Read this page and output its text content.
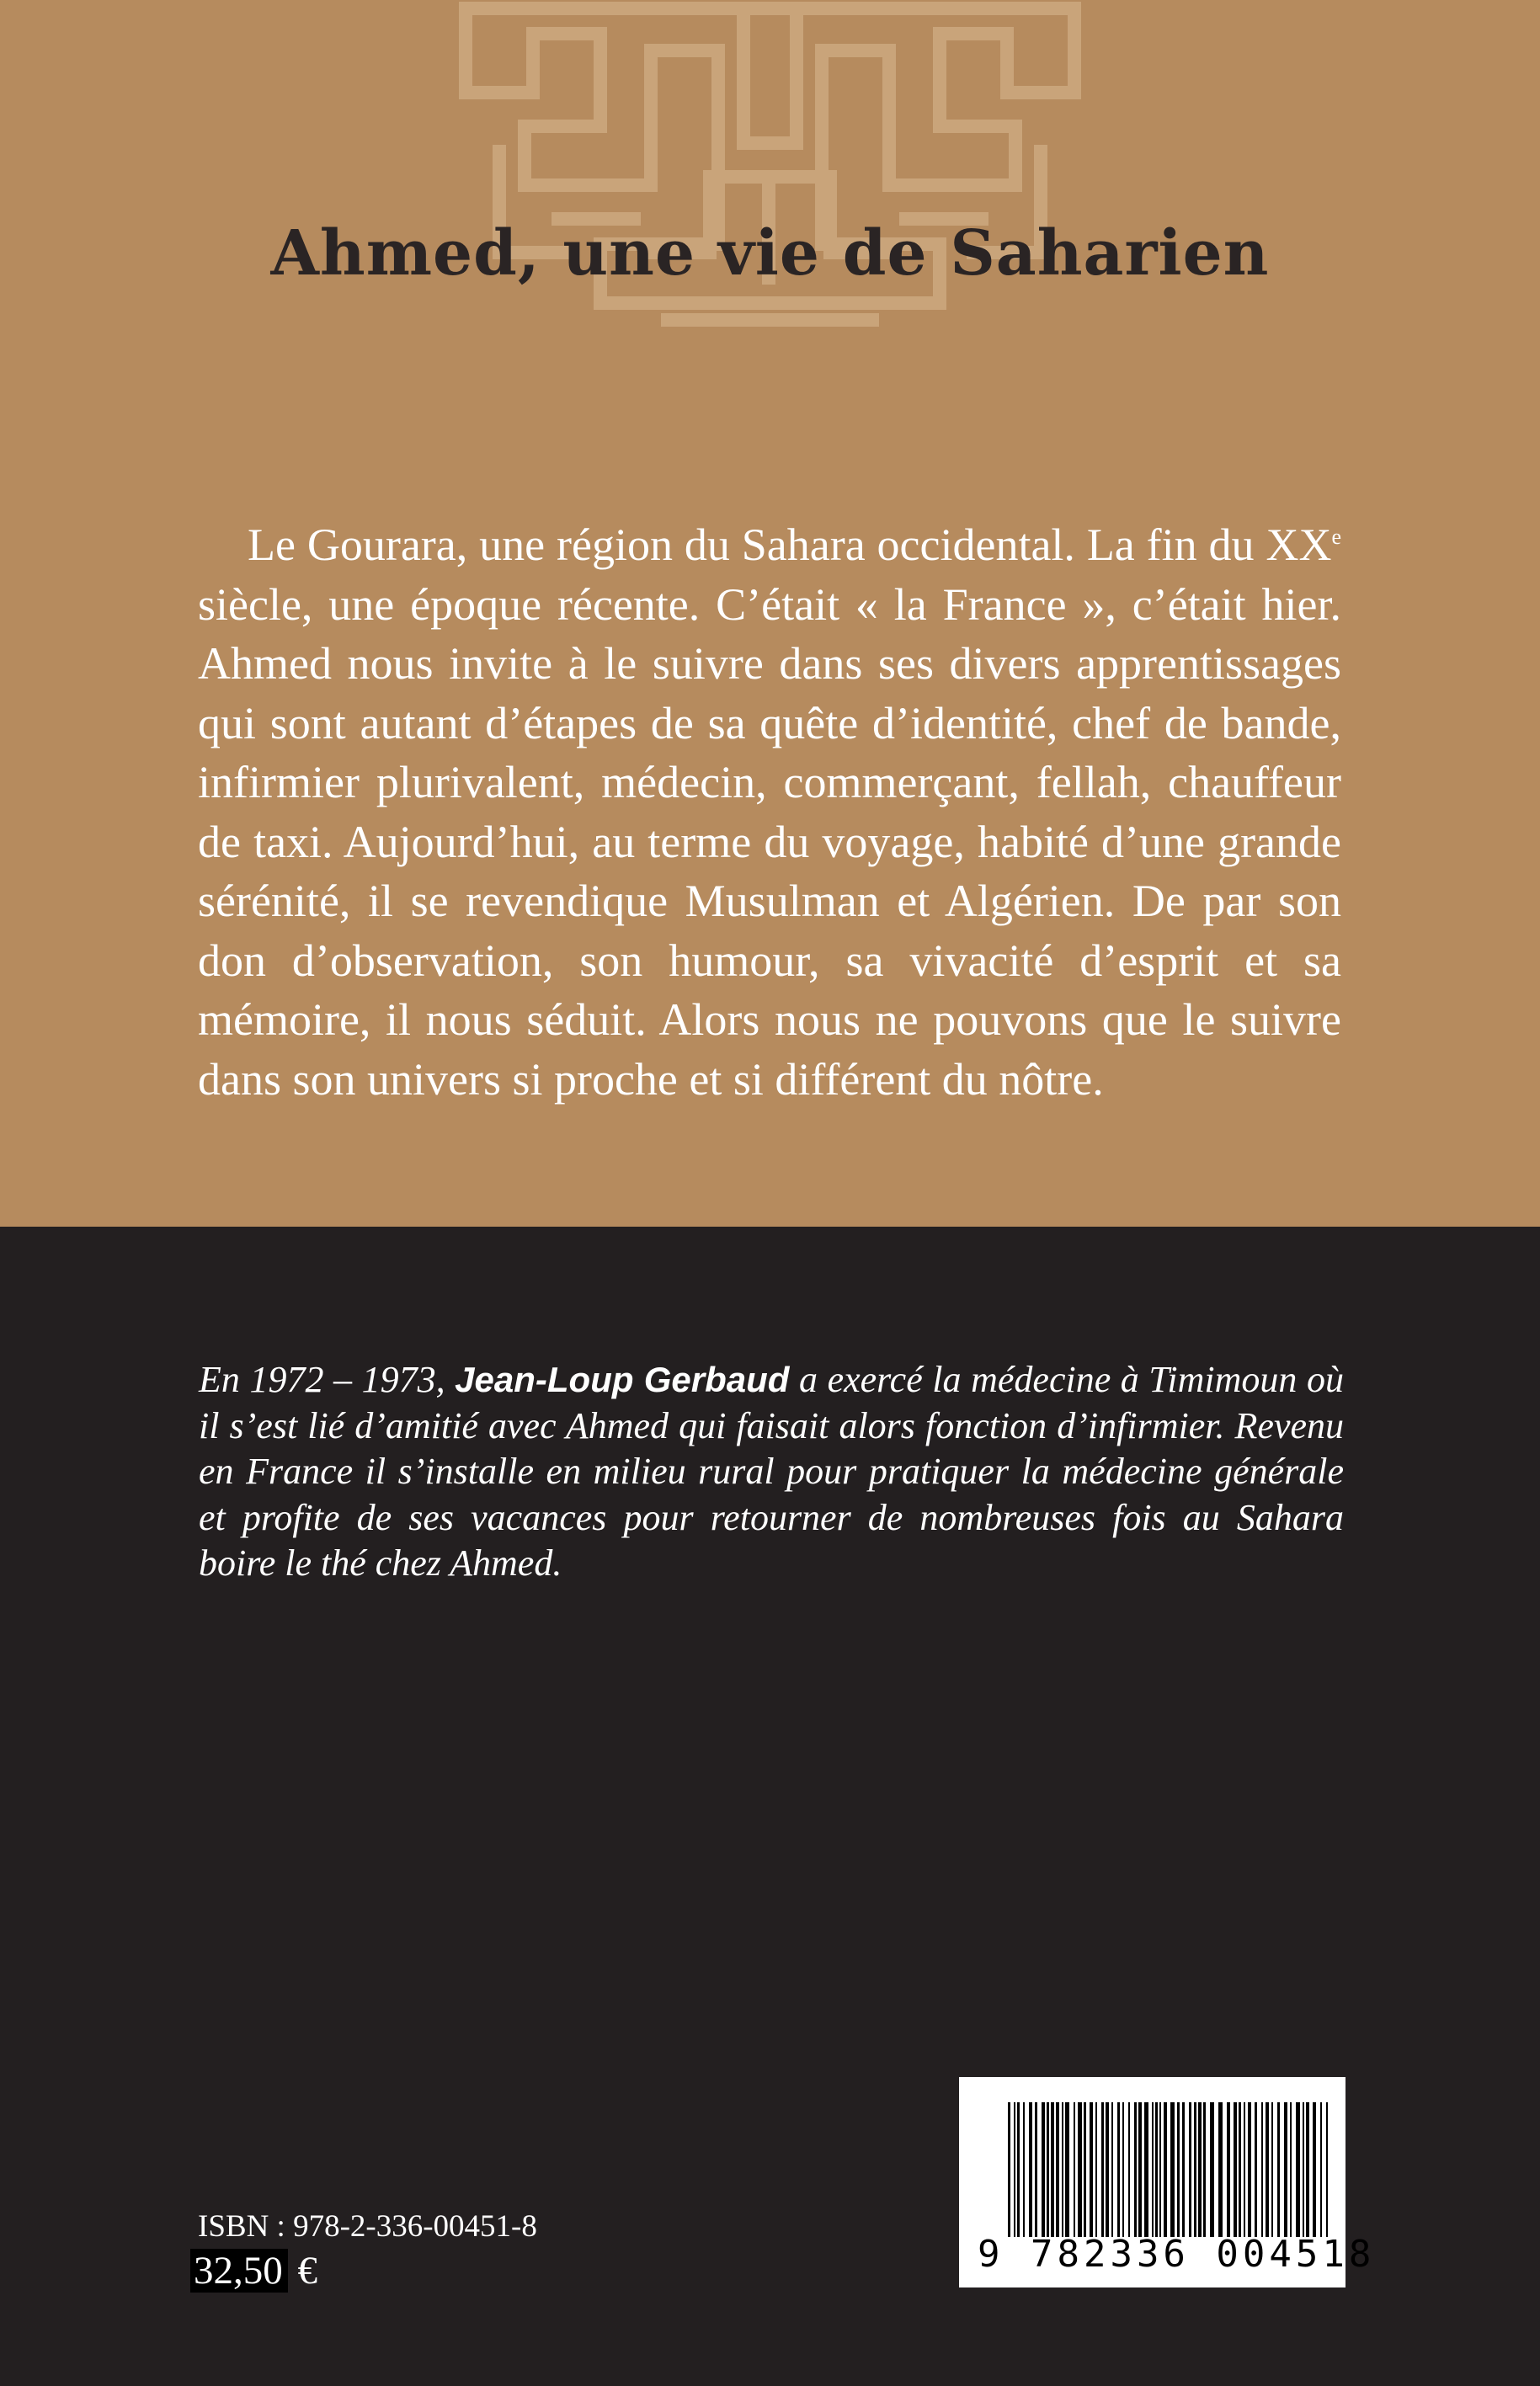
Ahmed, une vie de Saharien

Le Gourara, une région du Sahara occidental. La fin du XXe siècle, une époque récente. C’était « la France », c’était hier. Ahmed nous invite à le suivre dans ses divers apprentissages qui sont autant d’étapes de sa quête d’identité, chef de bande, infirmier plurivalent, médecin, commerçant, fellah, chauffeur de taxi. Aujourd’hui, au terme du voyage, habité d’une grande sérénité, il se revendique Musulman et Algérien. De par son don d’observation, son humour, sa vivacité d’esprit et sa mémoire, il nous séduit. Alors nous ne pouvons que le suivre dans son univers si proche et si différent du nôtre.

En 1972 – 1973, Jean-Loup Gerbaud a exercé la médecine à Timimoun où il s’est lié d’amitié avec Ahmed qui faisait alors fonction d’infirmier. Revenu en France il s’installe en milieu rural pour pratiquer la médecine générale et profite de ses vacances pour retourner de nombreuses fois au Sahara boire le thé chez Ahmed.

ISBN : 978-2-336-00451-8
32,50 €	9 782336 004518
